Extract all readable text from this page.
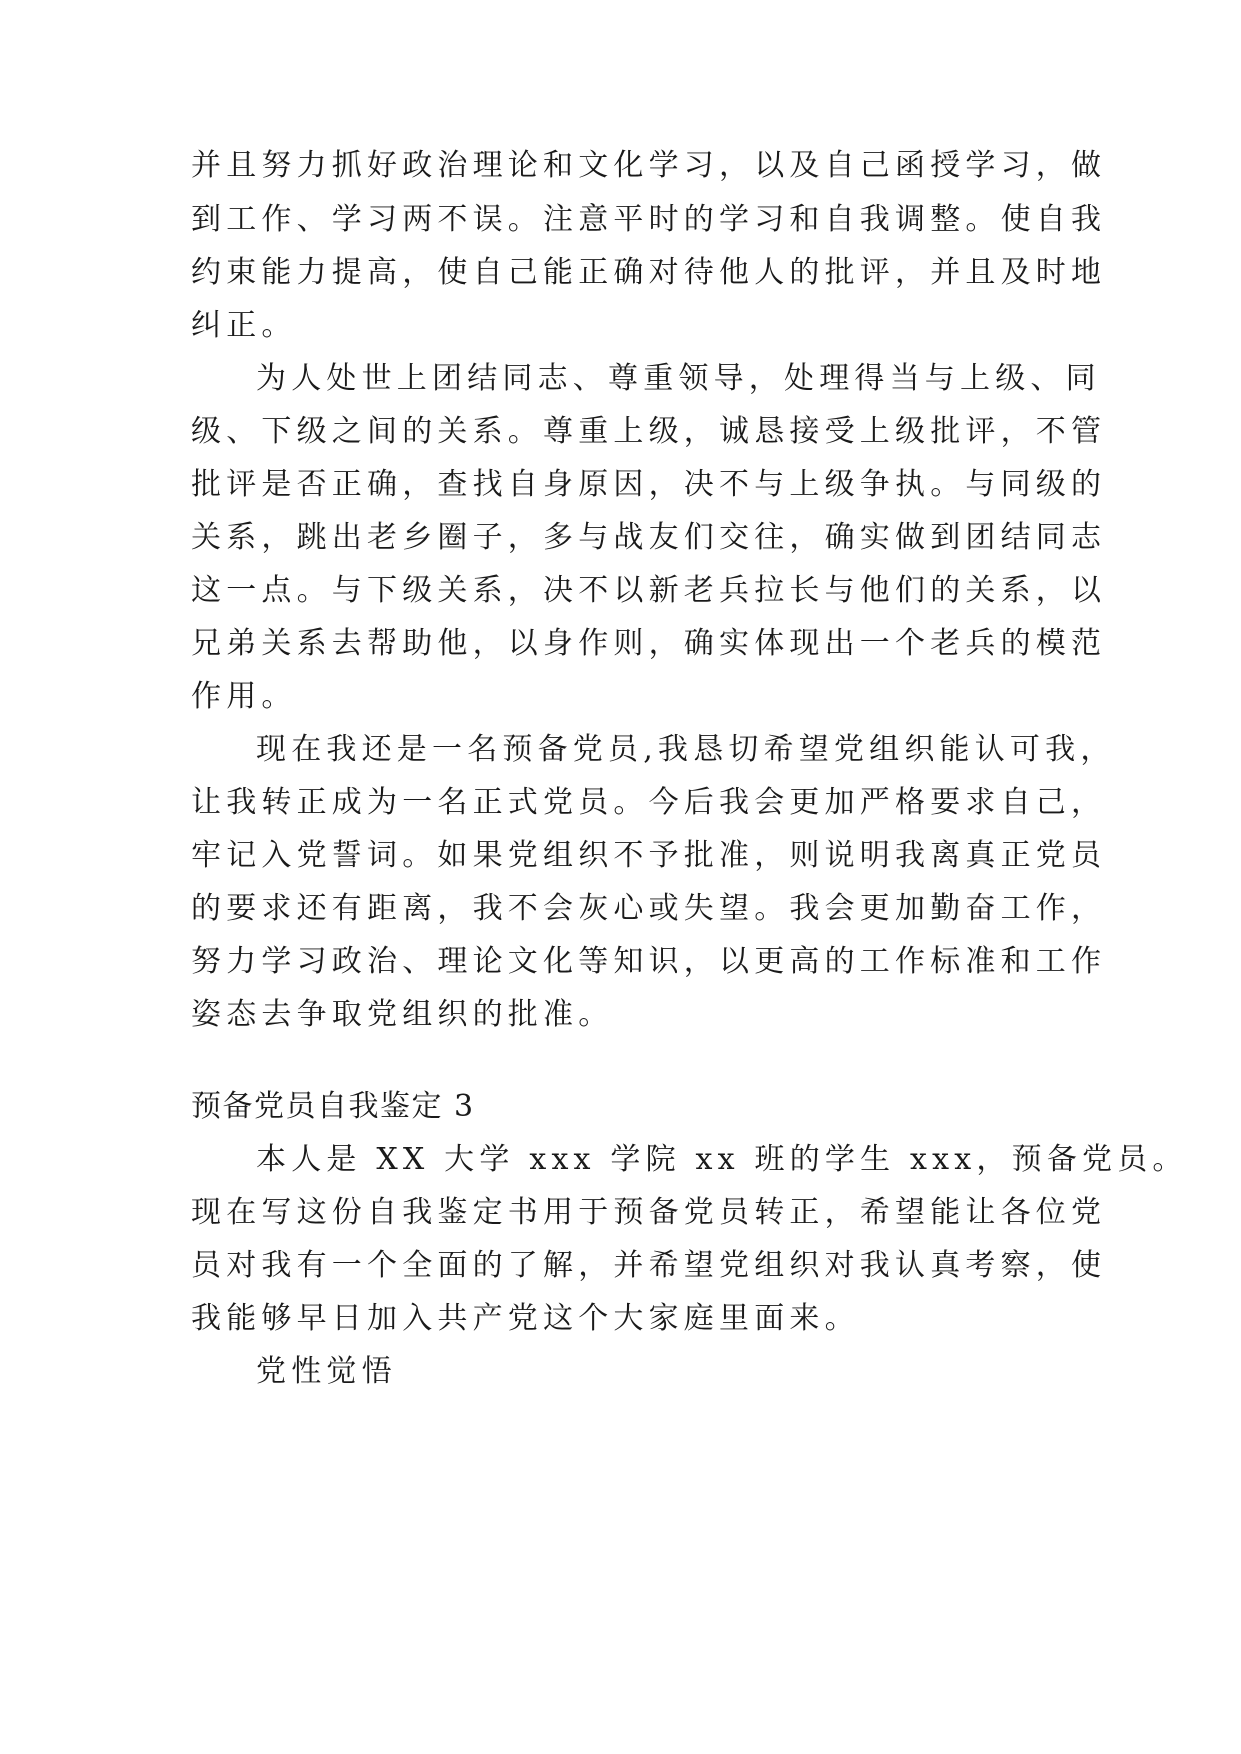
并且努力抓好政治理论和文化学习，以及自己函授学习，做
到工作、学习两不误。注意平时的学习和自我调整。使自我
约束能力提高，使自己能正确对待他人的批评，并且及时地
纠正。
为人处世上团结同志、尊重领导，处理得当与上级、同
级、下级之间的关系。尊重上级，诚恳接受上级批评，不管
批评是否正确，查找自身原因，决不与上级争执。与同级的
关系，跳出老乡圈子，多与战友们交往，确实做到团结同志
这一点。与下级关系，决不以新老兵拉长与他们的关系，以
兄弟关系去帮助他，以身作则，确实体现出一个老兵的模范
作用。
现在我还是一名预备党员,我恳切希望党组织能认可我，
让我转正成为一名正式党员。今后我会更加严格要求自己，
牢记入党誓词。如果党组织不予批准，则说明我离真正党员
的要求还有距离，我不会灰心或失望。我会更加勤奋工作，
努力学习政治、理论文化等知识，以更高的工作标准和工作
姿态去争取党组织的批准。
预备党员自我鉴定 3
本人是 XX 大学 xxx 学院 xx 班的学生 xxx，预备党员。
现在写这份自我鉴定书用于预备党员转正，希望能让各位党
员对我有一个全面的了解，并希望党组织对我认真考察，使
我能够早日加入共产党这个大家庭里面来。
党性觉悟
